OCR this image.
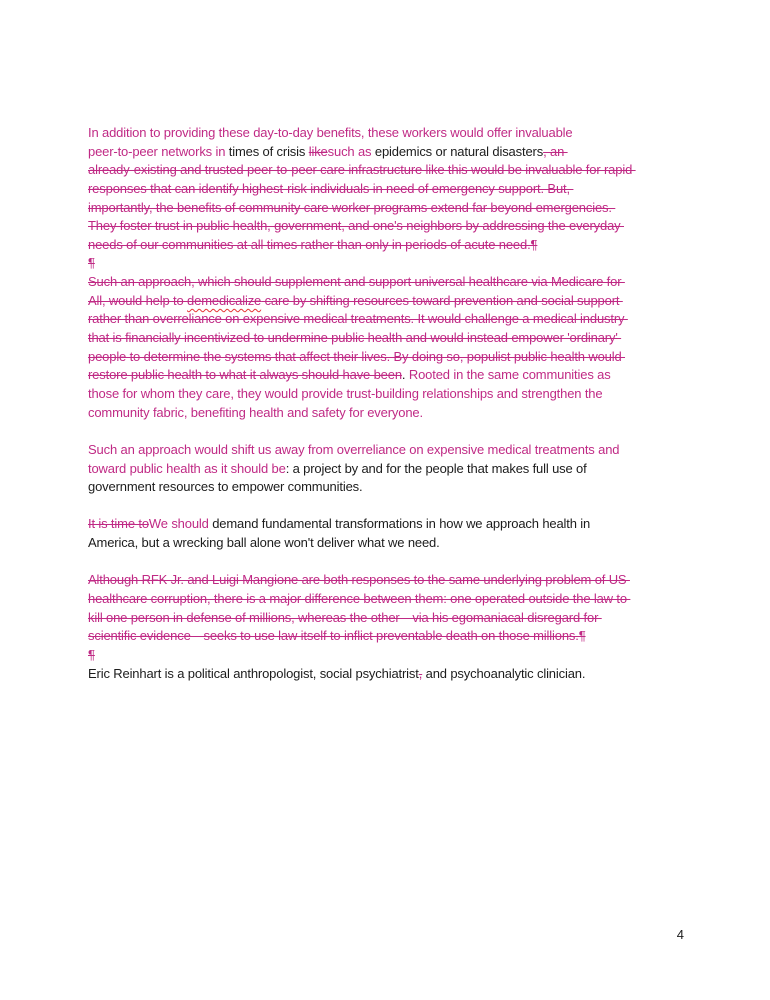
In addition to providing these day-to-day benefits, these workers would offer invaluable
peer-to-peer networks in times of crisis likesuch as epidemics or natural disasters, an
already-existing and trusted peer-to-peer care infrastructure like this would be invaluable for rapid
responses that can identify highest-risk individuals in need of emergency support. But,
importantly, the benefits of community care worker programs extend far beyond emergencies.
They foster trust in public health, government, and one's neighbors by addressing the everyday
needs of our communities at all times rather than only in periods of acute need.¶
¶
Such an approach, which should supplement and support universal healthcare via Medicare for
All, would help to demedicalize care by shifting resources toward prevention and social support
rather than overreliance on expensive medical treatments. It would challenge a medical industry
that is financially incentivized to undermine public health and would instead empower 'ordinary'
people to determine the systems that affect their lives. By doing so, populist public health would
restore public health to what it always should have been. Rooted in the same communities as
those for whom they care, they would provide trust-building relationships and strengthen the
community fabric, benefiting health and safety for everyone.
Such an approach would shift us away from overreliance on expensive medical treatments and
toward public health as it should be: a project by and for the people that makes full use of
government resources to empower communities.
It is time toWe should demand fundamental transformations in how we approach health in
America, but a wrecking ball alone won't deliver what we need.
Although RFK Jr. and Luigi Mangione are both responses to the same underlying problem of US
healthcare corruption, there is a major difference between them: one operated outside the law to
kill one person in defense of millions, whereas the other—via his egomaniacal disregard for
scientific evidence—seeks to use law itself to inflict preventable death on those millions.¶
¶
Eric Reinhart is a political anthropologist, social psychiatrist, and psychoanalytic clinician.
4
